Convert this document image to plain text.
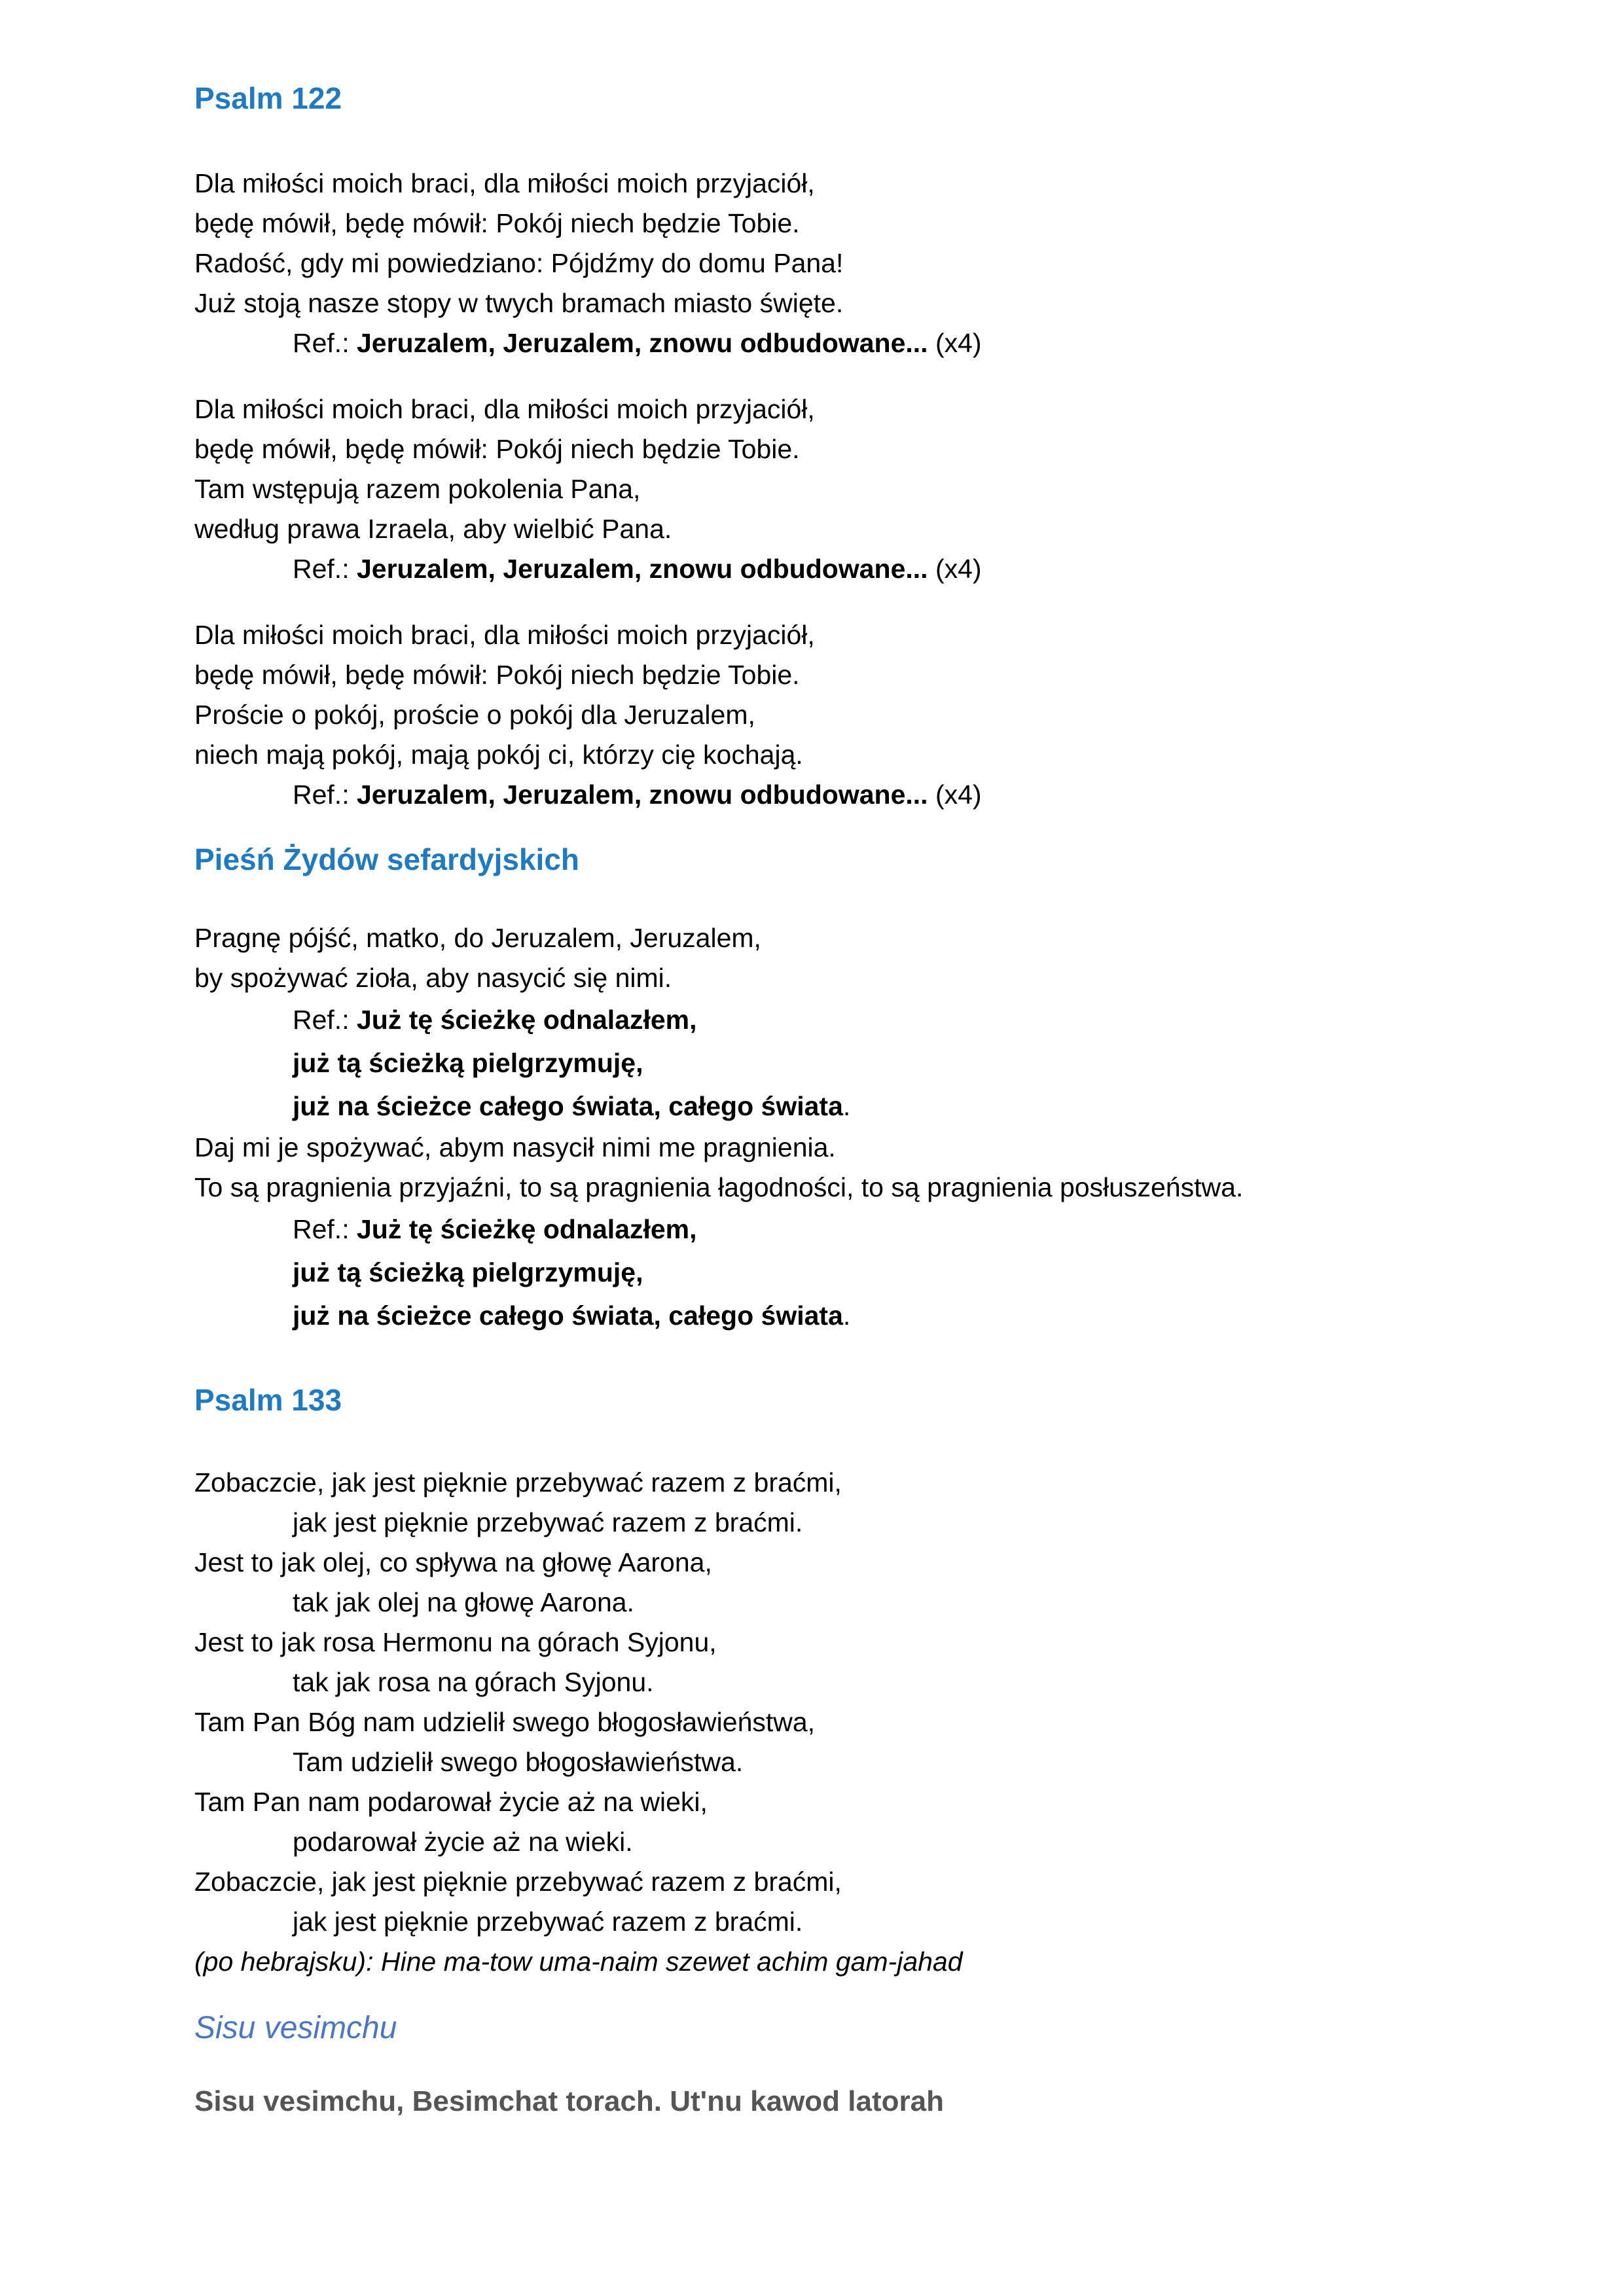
Psalm 122

Dla miłości moich braci, dla miłości moich przyjaciół,

będę mówił, będę mówił: Pokój niech będzie Tobie.

Radość, gdy mi powiedziano: Pójdźmy do domu Pana!

Już stoją nasze stopy w twych bramach miasto święte.

Ref.: Jeruzalem, Jeruzalem, znowu odbudowane... (x4)

Dla miłości moich braci, dla miłości moich przyjaciół,

będę mówił, będę mówił: Pokój niech będzie Tobie.

Tam wstępują razem pokolenia Pana,

według prawa Izraela, aby wielbić Pana.

Ref.: Jeruzalem, Jeruzalem, znowu odbudowane... (x4)

Dla miłości moich braci, dla miłości moich przyjaciół,

będę mówił, będę mówił: Pokój niech będzie Tobie.

Proście o pokój, proście o pokój dla Jeruzalem,

niech mają pokój, mają pokój ci, którzy cię kochają.

Ref.: Jeruzalem, Jeruzalem, znowu odbudowane... (x4)

Pieśń Żydów sefardyjskich

Pragnę pójść, matko, do Jeruzalem, Jeruzalem,

by spożywać zioła, aby nasycić się nimi.

Ref.: Już tę ścieżkę odnalazłem,

już tą ścieżką pielgrzymuję,

już na ścieżce całego świata, całego świata.

Daj mi je spożywać, abym nasycił nimi me pragnienia.

To są pragnienia przyjaźni, to są pragnienia łagodności, to są pragnienia posłuszeństwa.

Ref.: Już tę ścieżkę odnalazłem,

już tą ścieżką pielgrzymuję,

już na ścieżce całego świata, całego świata.

Psalm 133

Zobaczcie, jak jest pięknie przebywać razem z braćmi,

jak jest pięknie przebywać razem z braćmi.

Jest to jak olej, co spływa na głowę Aarona,

tak jak olej na głowę Aarona.

Jest to jak rosa Hermonu na górach Syjonu,

tak jak rosa na górach Syjonu.

Tam Pan Bóg nam udzielił swego błogosławieństwa,

Tam udzielił swego błogosławieństwa.

Tam Pan nam podarował życie aż na wieki,

podarował życie aż na wieki.

Zobaczcie, jak jest pięknie przebywać razem z braćmi,

jak jest pięknie przebywać razem z braćmi.

(po hebrajsku): Hine ma-tow uma-naim szewet achim gam-jahad

Sisu vesimchu

Sisu vesimchu, Besimchat torach. Ut'nu kawod latorah
